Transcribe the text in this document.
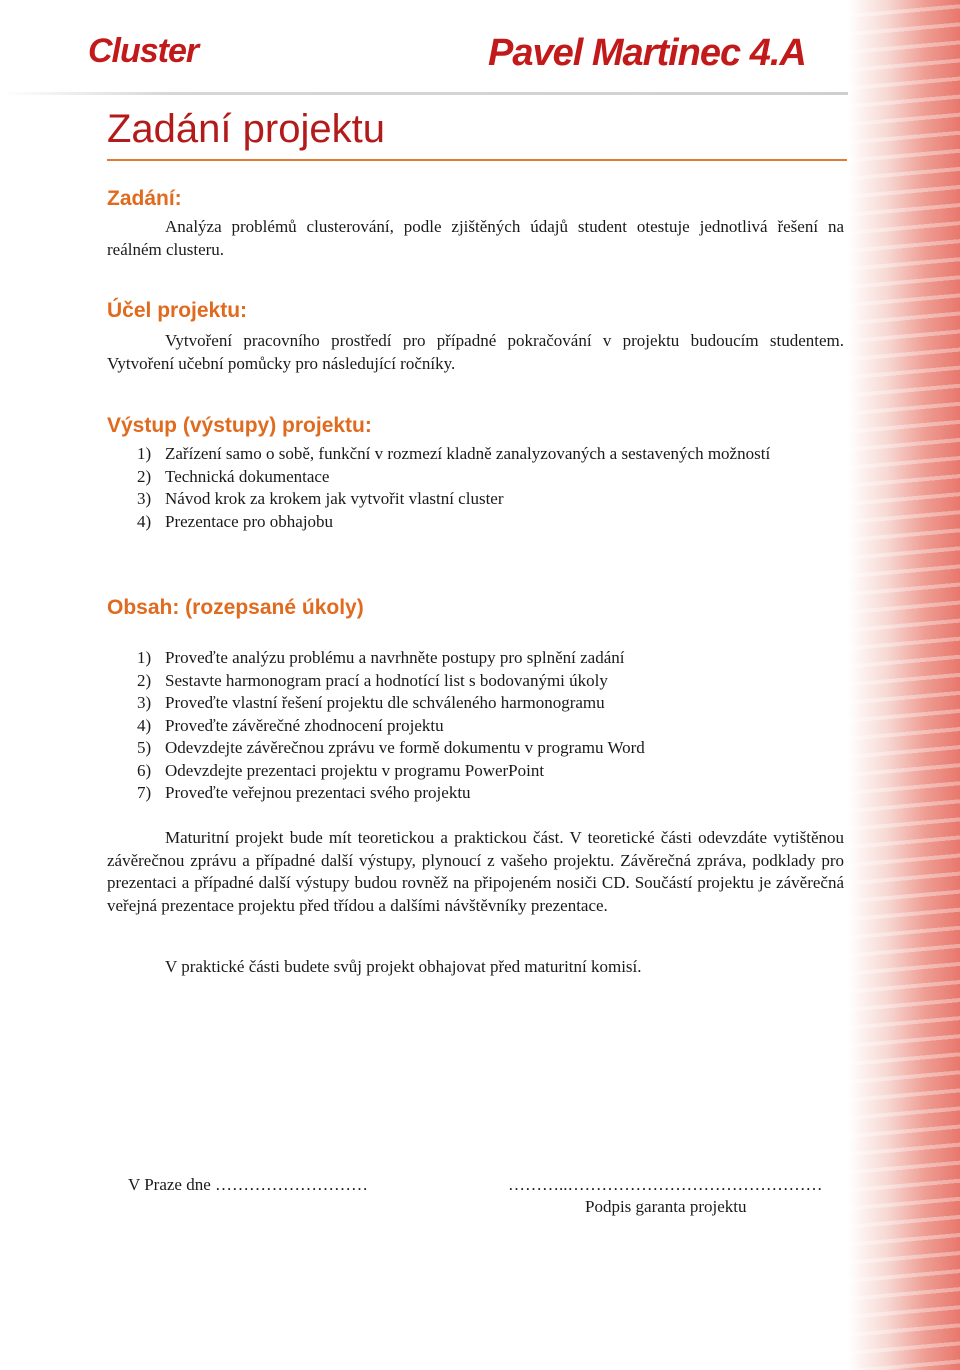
Cluster	Pavel Martinec 4.A
Zadání projektu
Zadání:

Analýza problémů clusterování, podle zjištěných údajů student otestuje jednotlivá řešení na reálném clusteru.

Účel projektu:

Vytvoření pracovního prostředí pro případné pokračování v projektu budoucím studentem. Vytvoření učební pomůcky pro následující ročníky.

Výstup (výstupy) projektu:
1) Zařízení samo o sobě, funkční v rozmezí kladně zanalyzovaných a sestavených možností
2) Technická dokumentace
3) Návod krok za krokem jak vytvořit vlastní cluster
4) Prezentace pro obhajobu
Obsah: (rozepsané úkoly)
1) Proveďte analýzu problému a navrhněte postupy pro splnění zadání
2) Sestavte harmonogram prací a hodnotící list s bodovanými úkoly
3) Proveďte vlastní řešení projektu dle schváleného harmonogramu
4) Proveďte závěrečné zhodnocení projektu
5) Odevzdejte závěrečnou zprávu ve formě dokumentu v programu Word
6) Odevzdejte prezentaci projektu v programu PowerPoint
7) Proveďte veřejnou prezentaci svého projektu

Maturitní projekt bude mít teoretickou a praktickou část. V teoretické části odevzdáte vytištěnou závěrečnou zprávu a případné další výstupy, plynoucí z vašeho projektu. Závěrečná zpráva, podklady pro prezentaci a případné další výstupy budou rovněž na připojeném nosiči CD. Součástí projektu je závěrečná veřejná prezentace projektu před třídou a dalšími návštěvníky prezentace.

V praktické části budete svůj projekt obhajovat před maturitní komisí.

V Praze dne ………………………	………..………………………………………

Podpis garanta projektu
